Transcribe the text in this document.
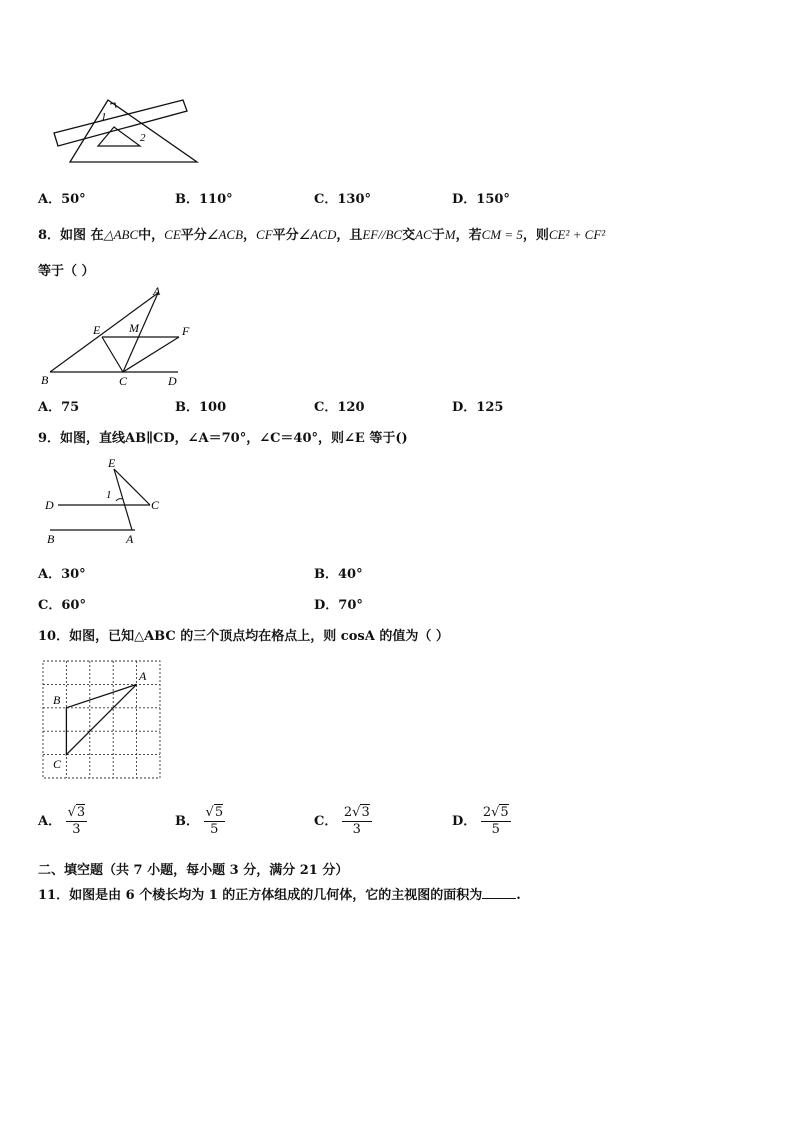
1
2
A．50°	B．110°	C．130°	D．150°
8．如图 在△ABC中，CE平分∠ACB，CF平分∠ACD，且EF//BC交AC于M，若CM = 5，则CE² + CF²
等于（ ）
A
E M	F
B	C	D
A．75	B．100	C．120	D．125
9．如图，直线AB∥CD，∠A＝70°，∠C＝40°，则∠E 等于()
E
1
D	C
B	A
A．30°	B．40°
C．60°	D．70°
10．如图，已知△ABC 的三个顶点均在格点上，则 cosA 的值为（ ）
A
B
C
A． $\frac{√3}{3}$	B． $\frac{√5}{5}$	C． $\frac{2√3}{3}$	D． $\frac{2√5}{5}$
二、填空题（共 7 小题，每小题 3 分，满分 21 分）
11．如图是由 6 个棱长均为 1 的正方体组成的几何体，它的主视图的面积为	.
